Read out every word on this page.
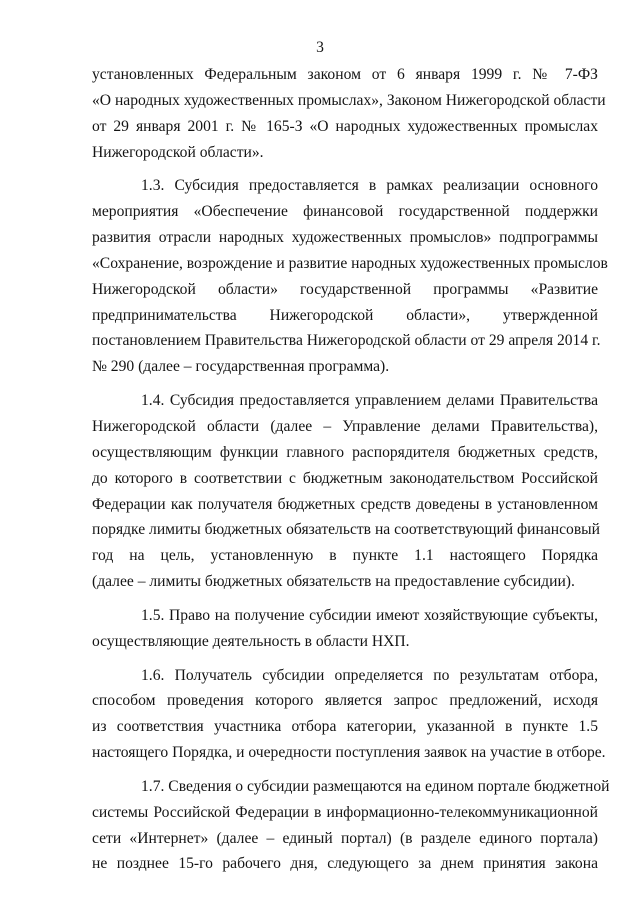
3

установленных Федеральным законом от 6 января 1999 г. № 7-ФЗ
«О народных художественных промыслах», Законом Нижегородской области
от 29 января 2001 г. № 165-З «О народных художественных промыслах
Нижегородской области».

1.3. Субсидия предоставляется в рамках реализации основного
мероприятия «Обеспечение финансовой государственной поддержки
развития отрасли народных художественных промыслов» подпрограммы
«Сохранение, возрождение и развитие народных художественных промыслов
Нижегородской области» государственной программы «Развитие
предпринимательства Нижегородской области», утвержденной
постановлением Правительства Нижегородской области от 29 апреля 2014 г.
№ 290 (далее – государственная программа).

1.4. Субсидия предоставляется управлением делами Правительства
Нижегородской области (далее – Управление делами Правительства),
осуществляющим функции главного распорядителя бюджетных средств,
до которого в соответствии с бюджетным законодательством Российской
Федерации как получателя бюджетных средств доведены в установленном
порядке лимиты бюджетных обязательств на соответствующий финансовый
год на цель, установленную в пункте 1.1 настоящего Порядка
(далее – лимиты бюджетных обязательств на предоставление субсидии).

1.5. Право на получение субсидии имеют хозяйствующие субъекты,
осуществляющие деятельность в области НХП.

1.6. Получатель субсидии определяется по результатам отбора,
способом проведения которого является запрос предложений, исходя
из соответствия участника отбора категории, указанной в пункте 1.5
настоящего Порядка, и очередности поступления заявок на участие в отборе.

1.7. Сведения о субсидии размещаются на едином портале бюджетной
системы Российской Федерации в информационно-телекоммуникационной
сети «Интернет» (далее – единый портал) (в разделе единого портала)
не позднее 15-го рабочего дня, следующего за днем принятия закона
